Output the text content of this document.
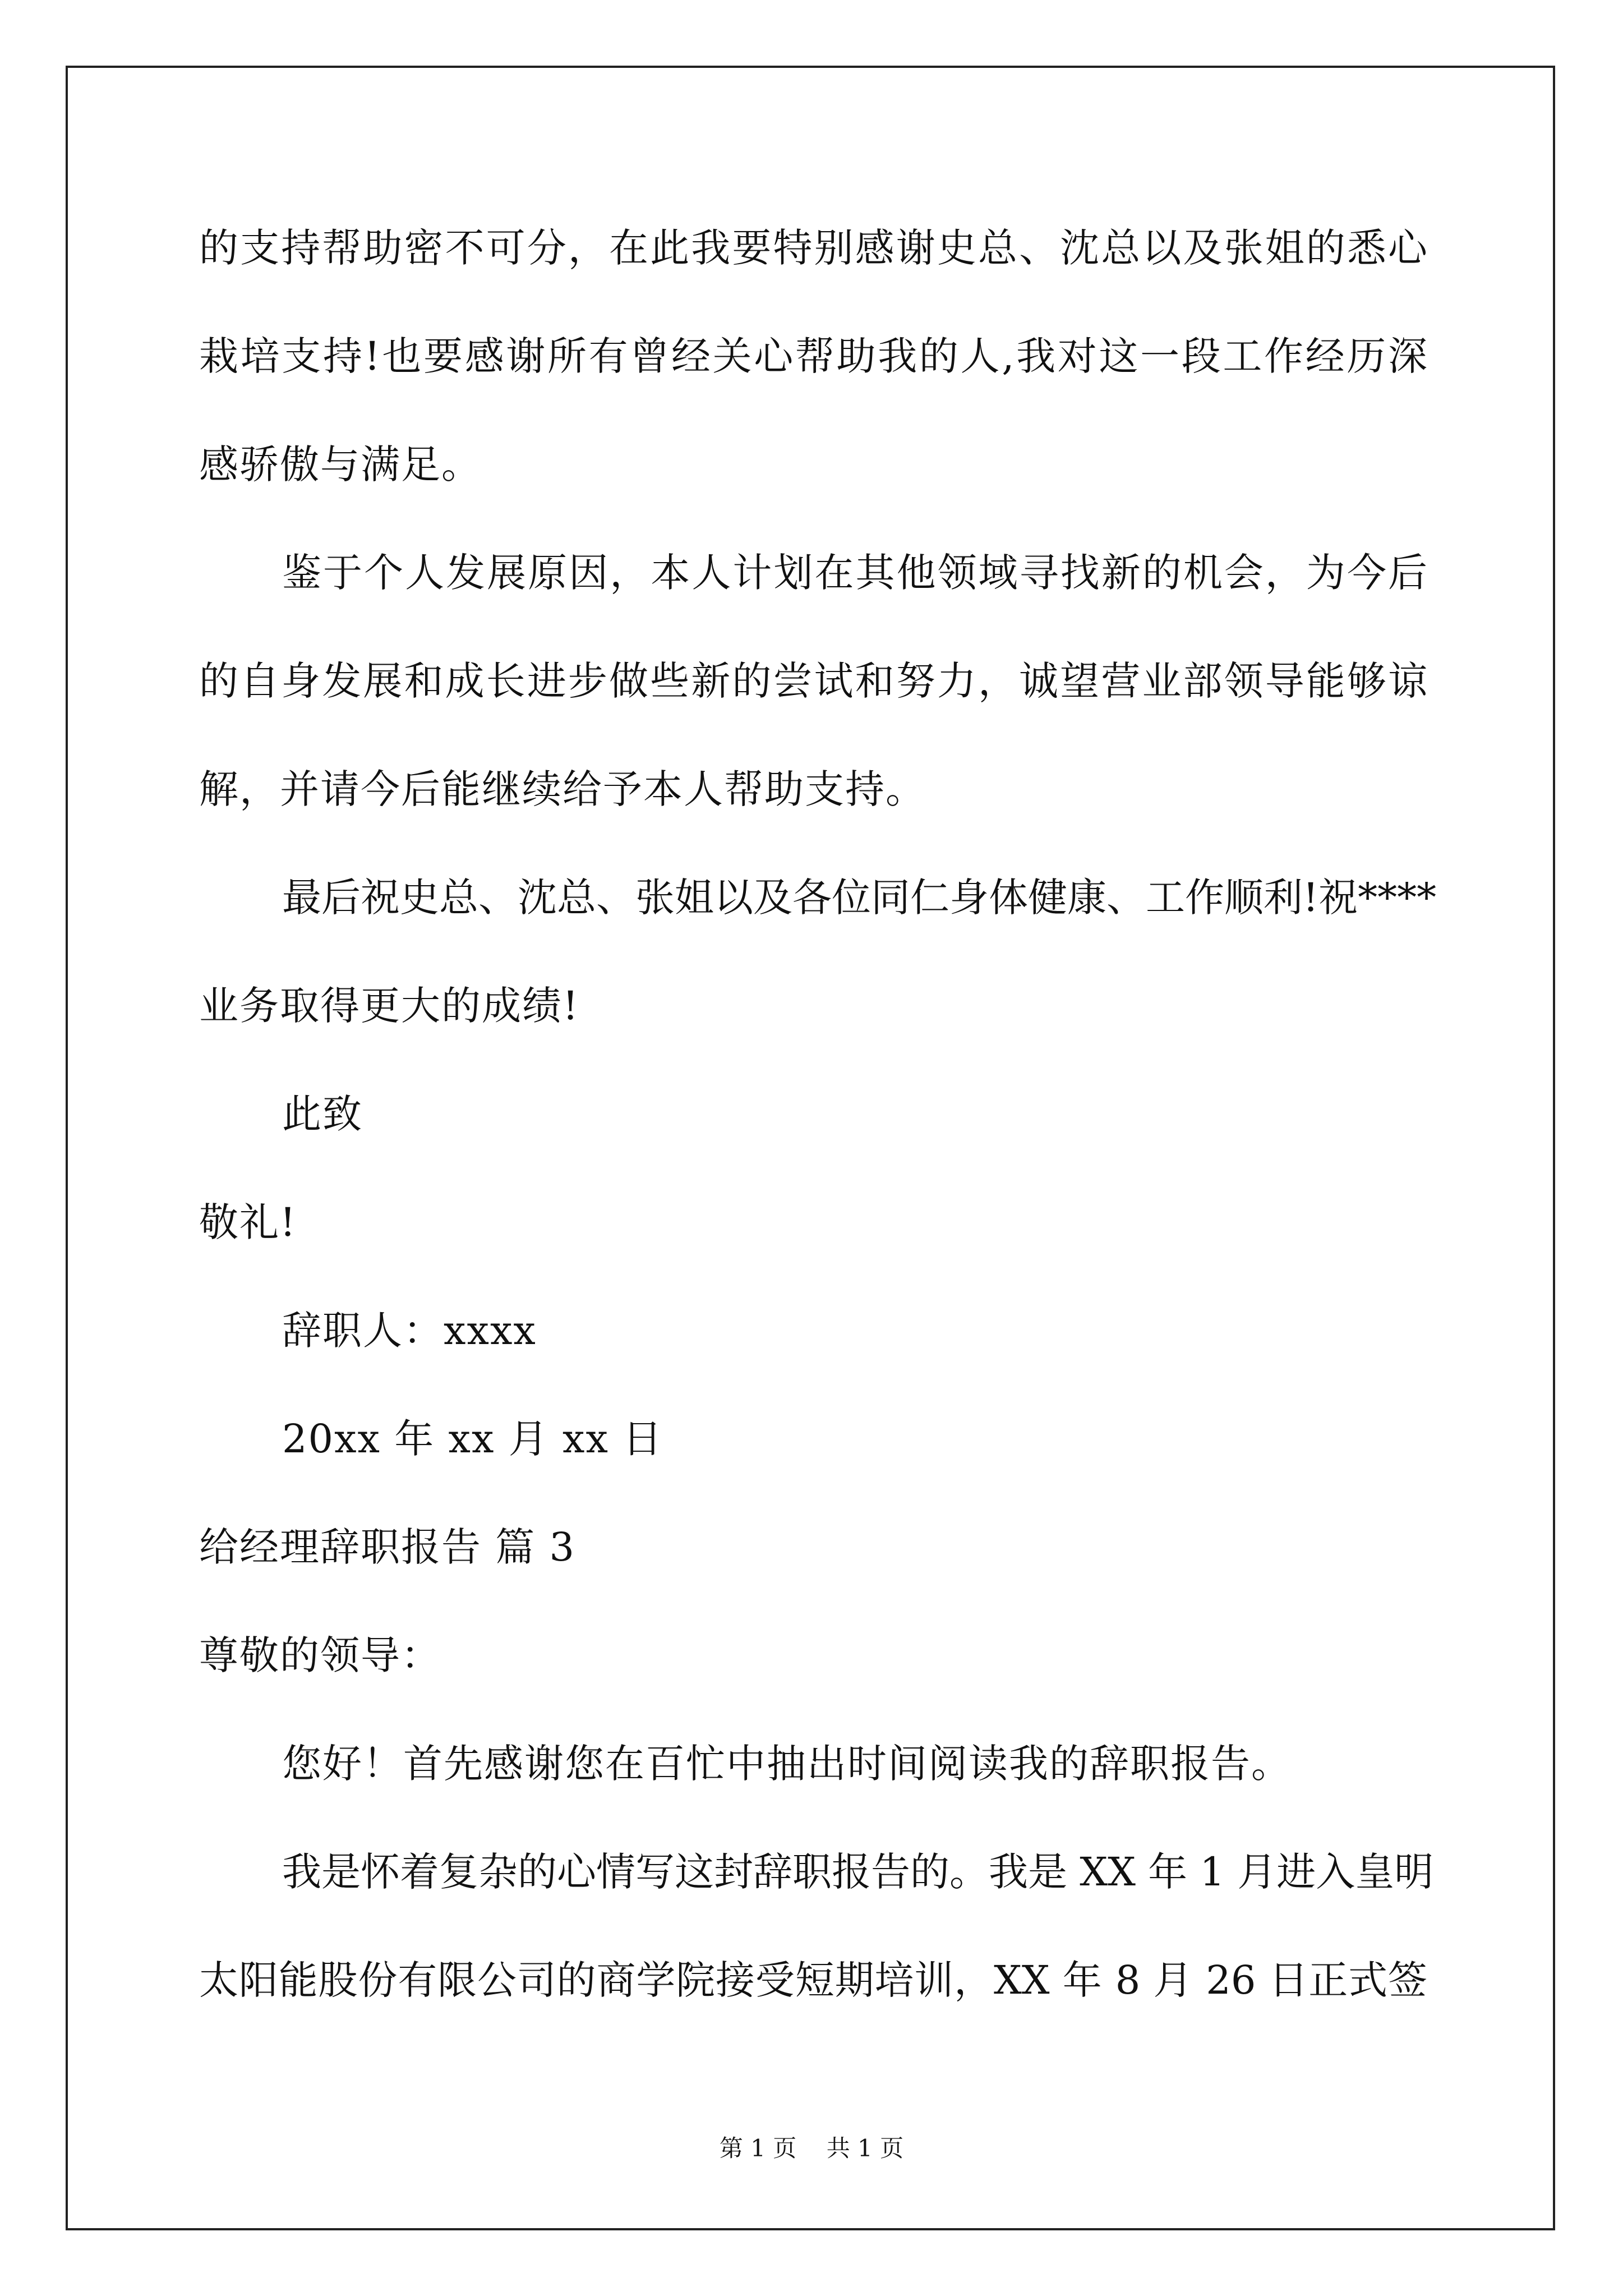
的支持帮助密不可分，在此我要特别感谢史总、沈总以及张姐的悉心
栽培支持!也要感谢所有曾经关心帮助我的人,我对这一段工作经历深
感骄傲与满足。
鉴于个人发展原因，本人计划在其他领域寻找新的机会，为今后
的自身发展和成长进步做些新的尝试和努力，诚望营业部领导能够谅
解，并请今后能继续给予本人帮助支持。
最后祝史总、沈总、张姐以及各位同仁身体健康、工作顺利!祝****
业务取得更大的成绩!
此致
敬礼!
辞职人：xxxx
20xx 年 xx 月 xx 日
给经理辞职报告 篇 3
尊敬的领导：
您好！首先感谢您在百忙中抽出时间阅读我的辞职报告。
我是怀着复杂的心情写这封辞职报告的。我是 XX 年 1 月进入皇明
太阳能股份有限公司的商学院接受短期培训，XX 年 8 月 26 日正式签
第 1 页    共 1 页
